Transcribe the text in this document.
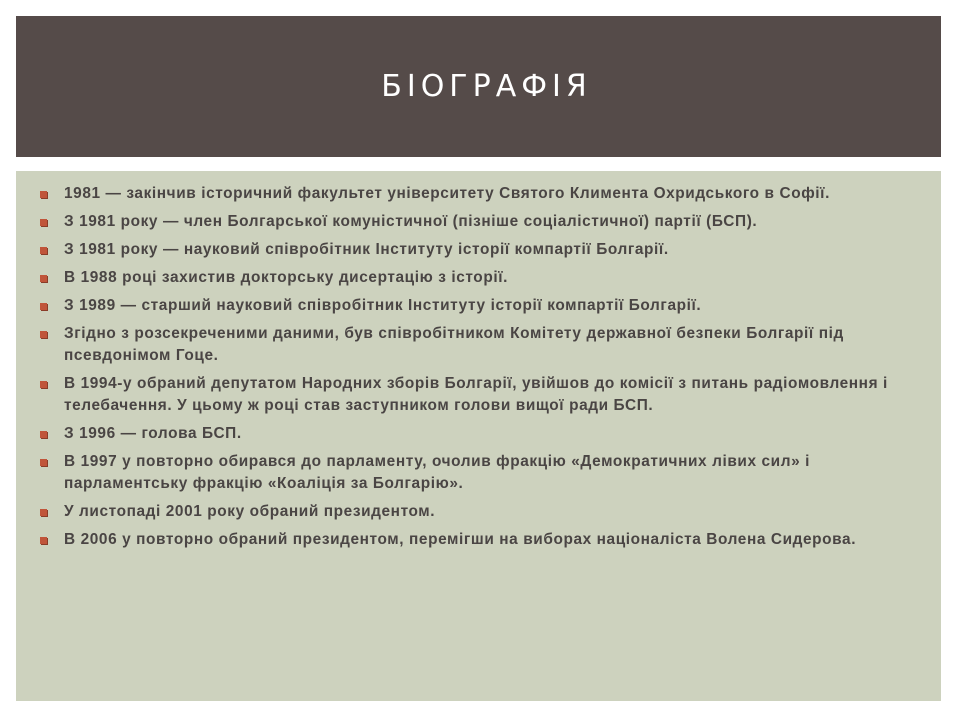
БІОГРАФІЯ
1981 — закінчив історичний факультет університету Святого Климента Охридського в Софії.
З 1981 року — член Болгарської комуністичної (пізніше соціалістичної) партії (БСП).
З 1981 року — науковий співробітник Інституту історії компартії Болгарії.
В 1988 році захистив докторську дисертацію з історії.
З 1989 — старший науковий співробітник Інституту історії компартії Болгарії.
Згідно з розсекреченими даними, був співробітником Комітету державної безпеки Болгарії під псевдонімом Гоце.
В 1994-у обраний депутатом Народних зборів Болгарії, увійшов до комісії з питань радіомовлення і телебачення. У цьому ж році став заступником голови вищої ради БСП.
З 1996 — голова БСП.
В 1997 у повторно обирався до парламенту, очолив фракцію «Демократичних лівих сил» і парламентську фракцію «Коаліція за Болгарію».
У листопаді 2001 року обраний президентом.
В 2006 у повторно обраний президентом, перемігши на виборах націоналіста Волена Сидерова.
